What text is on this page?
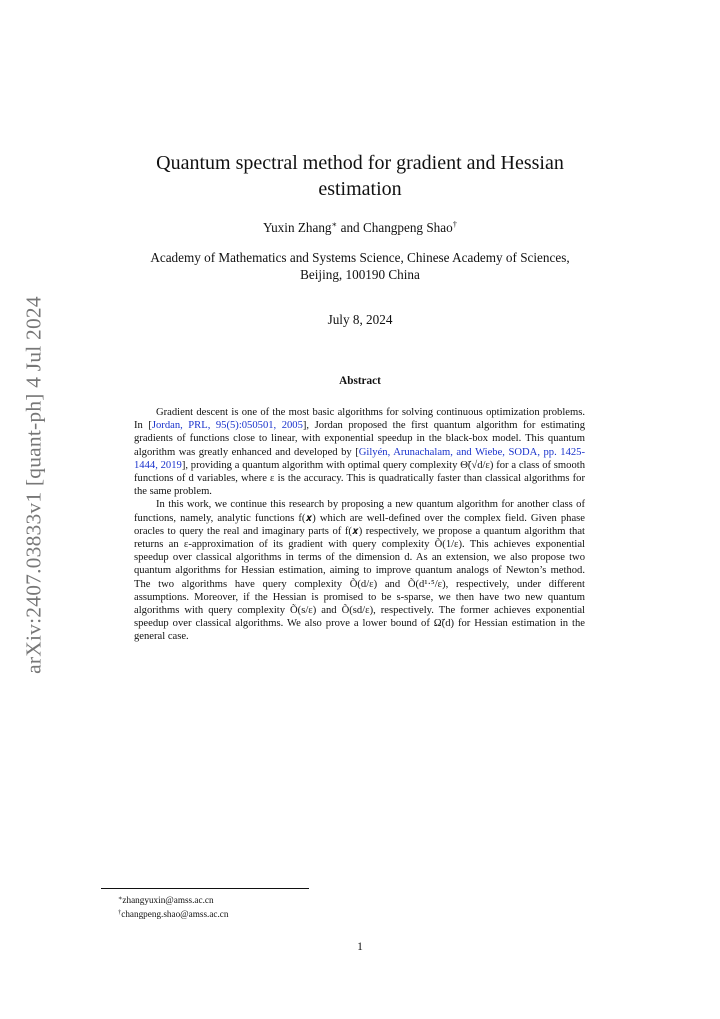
arXiv:2407.03833v1 [quant-ph] 4 Jul 2024
Quantum spectral method for gradient and Hessian
estimation
Yuxin Zhang∗ and Changpeng Shao†
Academy of Mathematics and Systems Science, Chinese Academy of Sciences,
Beijing, 100190 China
July 8, 2024
Abstract

Gradient descent is one of the most basic algorithms for solving continuous optimization problems. In [Jordan, PRL, 95(5):050501, 2005], Jordan proposed the first quantum algorithm for estimating gradients of functions close to linear, with exponential speedup in the black-box model. This quantum algorithm was greatly enhanced and developed by [Gilyén, Arunachalam, and Wiebe, SODA, pp. 1425-1444, 2019], providing a quantum algorithm with optimal query complexity Θ̃(√d/ε) for a class of smooth functions of d variables, where ε is the accuracy. This is quadratically faster than classical algorithms for the same problem.

In this work, we continue this research by proposing a new quantum algorithm for another class of functions, namely, analytic functions f(𝒙) which are well-defined over the complex field. Given phase oracles to query the real and imaginary parts of f(𝒙) respectively, we propose a quantum algorithm that returns an ε-approximation of its gradient with query complexity Õ(1/ε). This achieves exponential speedup over classical algorithms in terms of the dimension d. As an extension, we also propose two quantum algorithms for Hessian estimation, aiming to improve quantum analogs of Newton’s method. The two algorithms have query complexity Õ(d/ε) and Õ(d¹·⁵/ε), respectively, under different assumptions. Moreover, if the Hessian is promised to be s-sparse, we then have two new quantum algorithms with query complexity Õ(s/ε) and Õ(sd/ε), respectively. The former achieves exponential speedup over classical algorithms. We also prove a lower bound of Ω̃(d) for Hessian estimation in the general case.

∗zhangyuxin@amss.ac.cn
†changpeng.shao@amss.ac.cn
1
